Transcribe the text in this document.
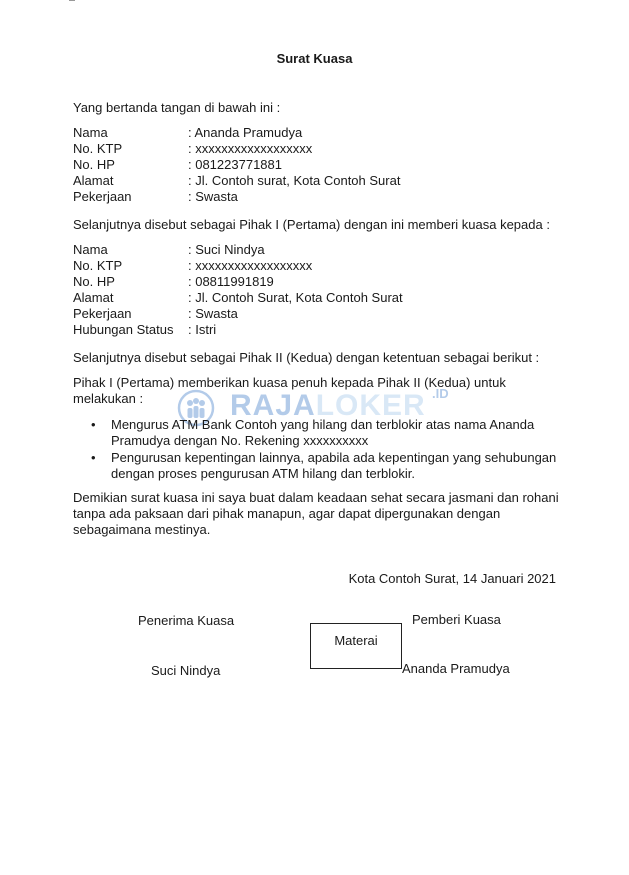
Surat Kuasa
Yang bertanda tangan di bawah ini :
Nama	: Ananda Pramudya
No. KTP	: xxxxxxxxxxxxxxxxxx
No. HP	: 081223771881
Alamat	: Jl. Contoh surat, Kota Contoh Surat
Pekerjaan	: Swasta
Selanjutnya disebut sebagai Pihak I (Pertama) dengan ini memberi kuasa kepada :
Nama	: Suci Nindya
No. KTP	: xxxxxxxxxxxxxxxxxx
No. HP	: 08811991819
Alamat	: Jl. Contoh Surat, Kota Contoh Surat
Pekerjaan	: Swasta
Hubungan Status : Istri
Selanjutnya disebut sebagai Pihak II (Kedua) dengan ketentuan sebagai berikut :
Pihak I (Pertama) memberikan kuasa penuh kepada Pihak II (Kedua) untuk melakukan :	RAJALOKER .ID
• Mengurus ATM Bank Contoh yang hilang dan terblokir atas nama Ananda Pramudya dengan No. Rekening xxxxxxxxxx
• Pengurusan kepentingan lainnya, apabila ada kepentingan yang sehubungan dengan proses pengurusan ATM hilang dan terblokir.
Demikian surat kuasa ini saya buat dalam keadaan sehat secara jasmani dan rohani tanpa ada paksaan dari pihak manapun, agar dapat dipergunakan dengan sebagaimana mestinya.
Kota Contoh Surat, 14 Januari 2021
Penerima Kuasa	Pemberi Kuasa
Materai
Suci Nindya	Ananda Pramudya
